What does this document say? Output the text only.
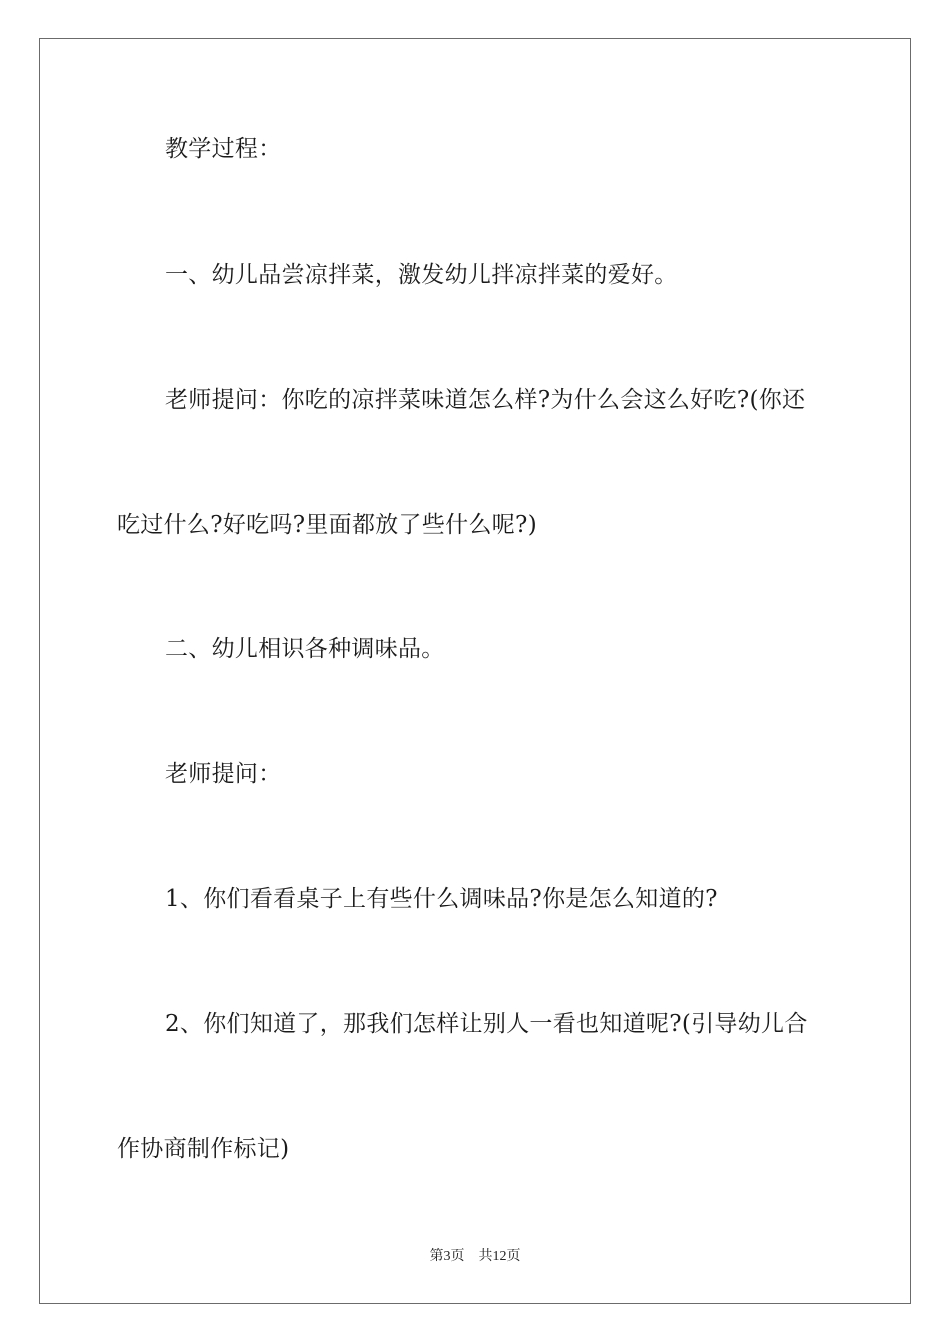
教学过程：
一、幼儿品尝凉拌菜，激发幼儿拌凉拌菜的爱好。
老师提问：你吃的凉拌菜味道怎么样?为什么会这么好吃?(你还
吃过什么?好吃吗?里面都放了些什么呢?)
二、幼儿相识各种调味品。
老师提问：
1、你们看看桌子上有些什么调味品?你是怎么知道的?
2、你们知道了，那我们怎样让别人一看也知道呢?(引导幼儿合
作协商制作标记)
第3页 共12页
